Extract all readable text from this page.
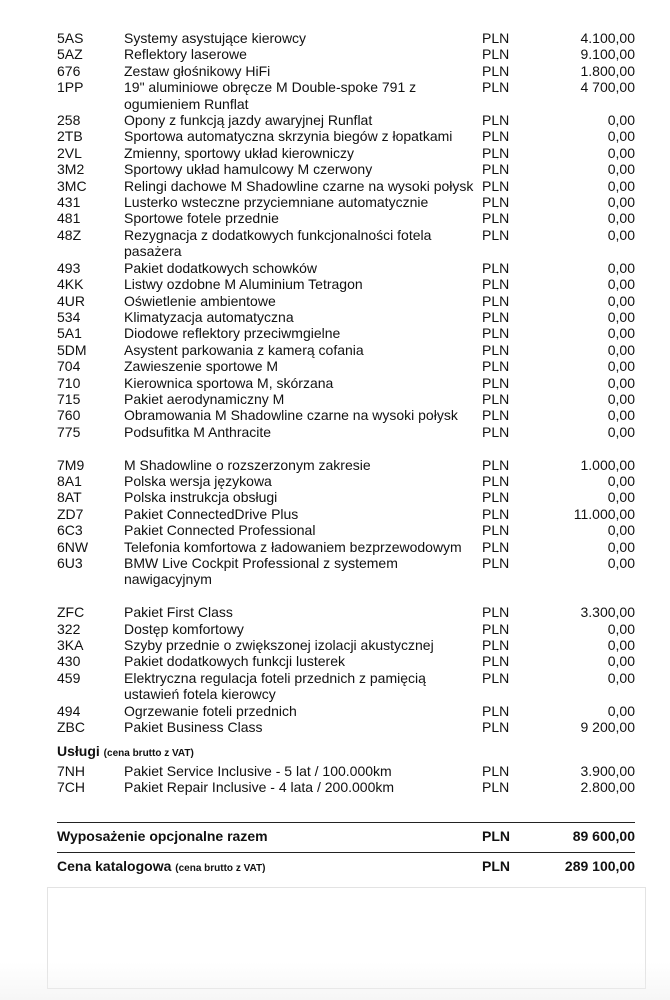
5AS	Systemy asystujące kierowcy	PLN	4.100,00
5AZ	Reflektory laserowe	PLN	9.100,00
676	Zestaw głośnikowy HiFi	PLN	1.800,00
1PP	19" aluminiowe obręcze M Double-spoke 791 z ogumieniem Runflat	PLN	4 700,00
258	Opony z funkcją jazdy awaryjnej Runflat	PLN	0,00
2TB	Sportowa automatyczna skrzynia biegów z łopatkami	PLN	0,00
2VL	Zmienny, sportowy układ kierowniczy	PLN	0,00
3M2	Sportowy układ hamulcowy M czerwony	PLN	0,00
3MC	Relingi dachowe M Shadowline czarne na wysoki połysk	PLN	0,00
431	Lusterko wsteczne przyciemniane automatycznie	PLN	0,00
481	Sportowe fotele przednie	PLN	0,00
48Z	Rezygnacja z dodatkowych funkcjonalności fotela pasażera	PLN	0,00
493	Pakiet dodatkowych schowków	PLN	0,00
4KK	Listwy ozdobne M Aluminium Tetragon	PLN	0,00
4UR	Oświetlenie ambientowe	PLN	0,00
534	Klimatyzacja automatyczna	PLN	0,00
5A1	Diodowe reflektory przeciwmgielne	PLN	0,00
5DM	Asystent parkowania z kamerą cofania	PLN	0,00
704	Zawieszenie sportowe M	PLN	0,00
710	Kierownica sportowa M, skórzana	PLN	0,00
715	Pakiet aerodynamiczny M	PLN	0,00
760	Obramowania M Shadowline czarne na wysoki połysk	PLN	0,00
775	Podsufitka M Anthracite	PLN	0,00

7M9	M Shadowline o rozszerzonym zakresie	PLN	1.000,00
8A1	Polska wersja językowa	PLN	0,00
8AT	Polska instrukcja obsługi	PLN	0,00
ZD7	Pakiet ConnectedDrive Plus	PLN	11.000,00
6C3	Pakiet Connected Professional	PLN	0,00
6NW	Telefonia komfortowa z ładowaniem bezprzewodowym	PLN	0,00
6U3	BMW Live Cockpit Professional z systemem nawigacyjnym	PLN	0,00

ZFC	Pakiet First Class	PLN	3.300,00
322	Dostęp komfortowy	PLN	0,00
3KA	Szyby przednie o zwiększonej izolacji akustycznej	PLN	0,00
430	Pakiet dodatkowych funkcji lusterek	PLN	0,00
459	Elektryczna regulacja foteli przednich z pamięcią ustawień fotela kierowcy	PLN	0,00
494	Ogrzewanie foteli przednich	PLN	0,00
ZBC	Pakiet Business Class	PLN	9 200,00
Usługi (cena brutto z VAT)			
7NH	Pakiet Service Inclusive - 5 lat / 100.000km	PLN	3.900,00
7CH	Pakiet Repair Inclusive - 4 lata / 200.000km	PLN	2.800,00
Wyposażenie opcjonalne razem	PLN	89 600,00
Cena katalogowa (cena brutto z VAT)	PLN	289 100,00
